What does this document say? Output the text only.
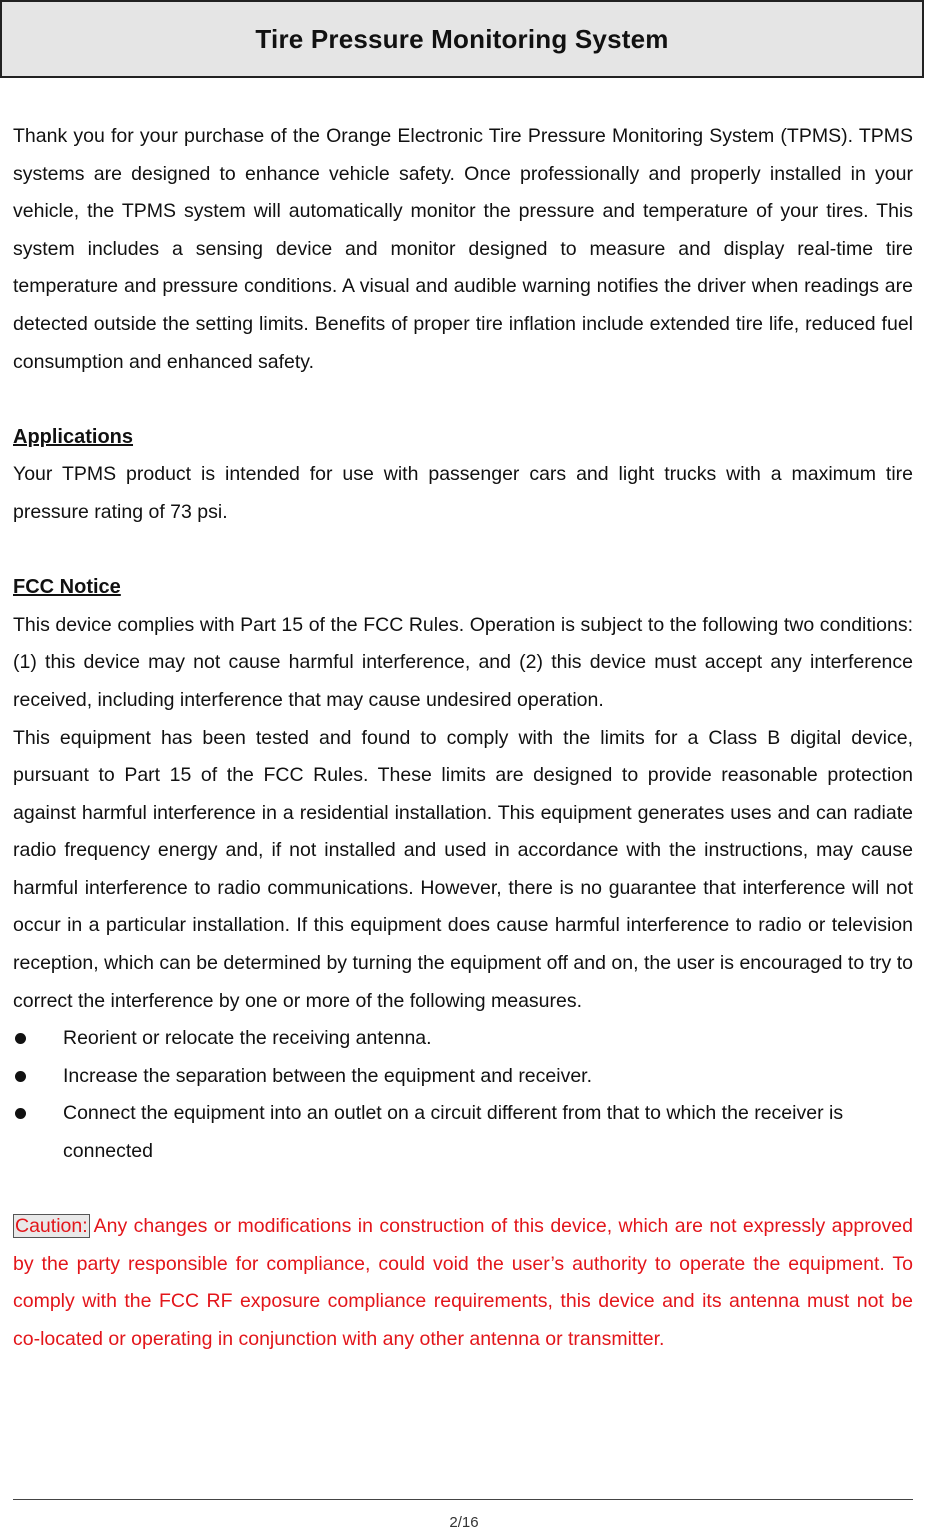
Tire Pressure Monitoring System

Thank you for your purchase of the Orange Electronic Tire Pressure Monitoring System (TPMS). TPMS systems are designed to enhance vehicle safety. Once professionally and properly installed in your vehicle, the TPMS system will automatically monitor the pressure and temperature of your tires. This system includes a sensing device and monitor designed to measure and display real-time tire temperature and pressure conditions. A visual and audible warning notifies the driver when readings are detected outside the setting limits. Benefits of proper tire inflation include extended tire life, reduced fuel consumption and enhanced safety.

Applications

Your TPMS product is intended for use with passenger cars and light trucks with a maximum tire pressure rating of 73 psi.

FCC Notice

This device complies with Part 15 of the FCC Rules. Operation is subject to the following two conditions: (1) this device may not cause harmful interference, and (2) this device must accept any interference received, including interference that may cause undesired operation.

This equipment has been tested and found to comply with the limits for a Class B digital device, pursuant to Part 15 of the FCC Rules. These limits are designed to provide reasonable protection against harmful interference in a residential installation. This equipment generates uses and can radiate radio frequency energy and, if not installed and used in accordance with the instructions, may cause harmful interference to radio communications. However, there is no guarantee that interference will not occur in a particular installation. If this equipment does cause harmful interference to radio or television reception, which can be determined by turning the equipment off and on, the user is encouraged to try to correct the interference by one or more of the following measures.

Reorient or relocate the receiving antenna.
Increase the separation between the equipment and receiver.
Connect the equipment into an outlet on a circuit different from that to which the receiver is connected

Caution: Any changes or modifications in construction of this device, which are not expressly approved by the party responsible for compliance, could void the user’s authority to operate the equipment. To comply with the FCC RF exposure compliance requirements, this device and its antenna must not be co-located or operating in conjunction with any other antenna or transmitter.

2/16
